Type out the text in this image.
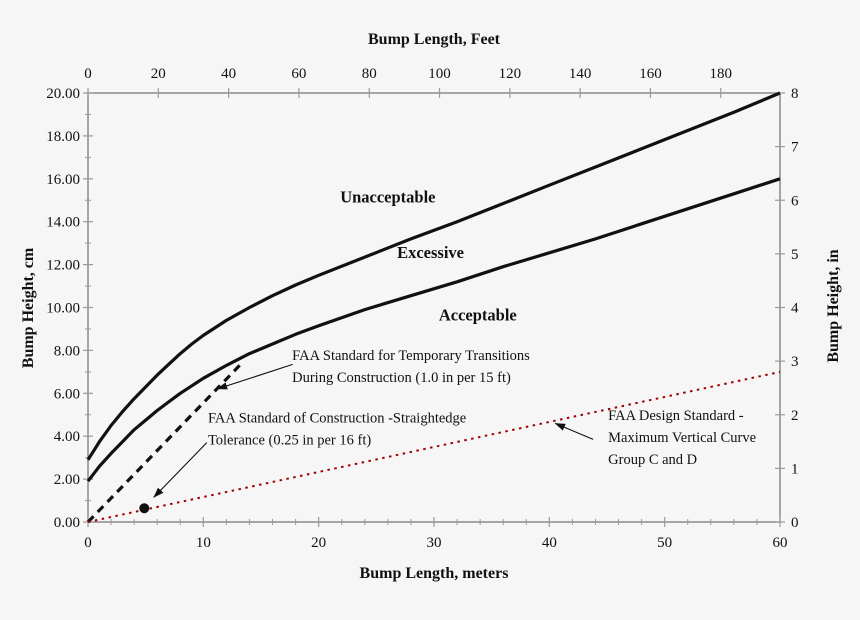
0	10	20	30	40	50	60
0	20	40	60	80	100	120	140	160	180
0.00
2.00
4.00
6.00
8.00
10.00
12.00
14.00
16.00
18.00
20.00
0
1
2
3
4
5
6
7
8
Unacceptable
Excessive
Acceptable
FAA Standard for Temporary Transitions
During Construction (1.0 in per 15 ft)
FAA Standard of Construction -Straightedge
Tolerance (0.25 in per 16 ft)
FAA Design Standard -
Maximum Vertical Curve
Group C and D
Bump Length, Feet
Bump Length, meters
Bump Height, cm	Bump Height, in
